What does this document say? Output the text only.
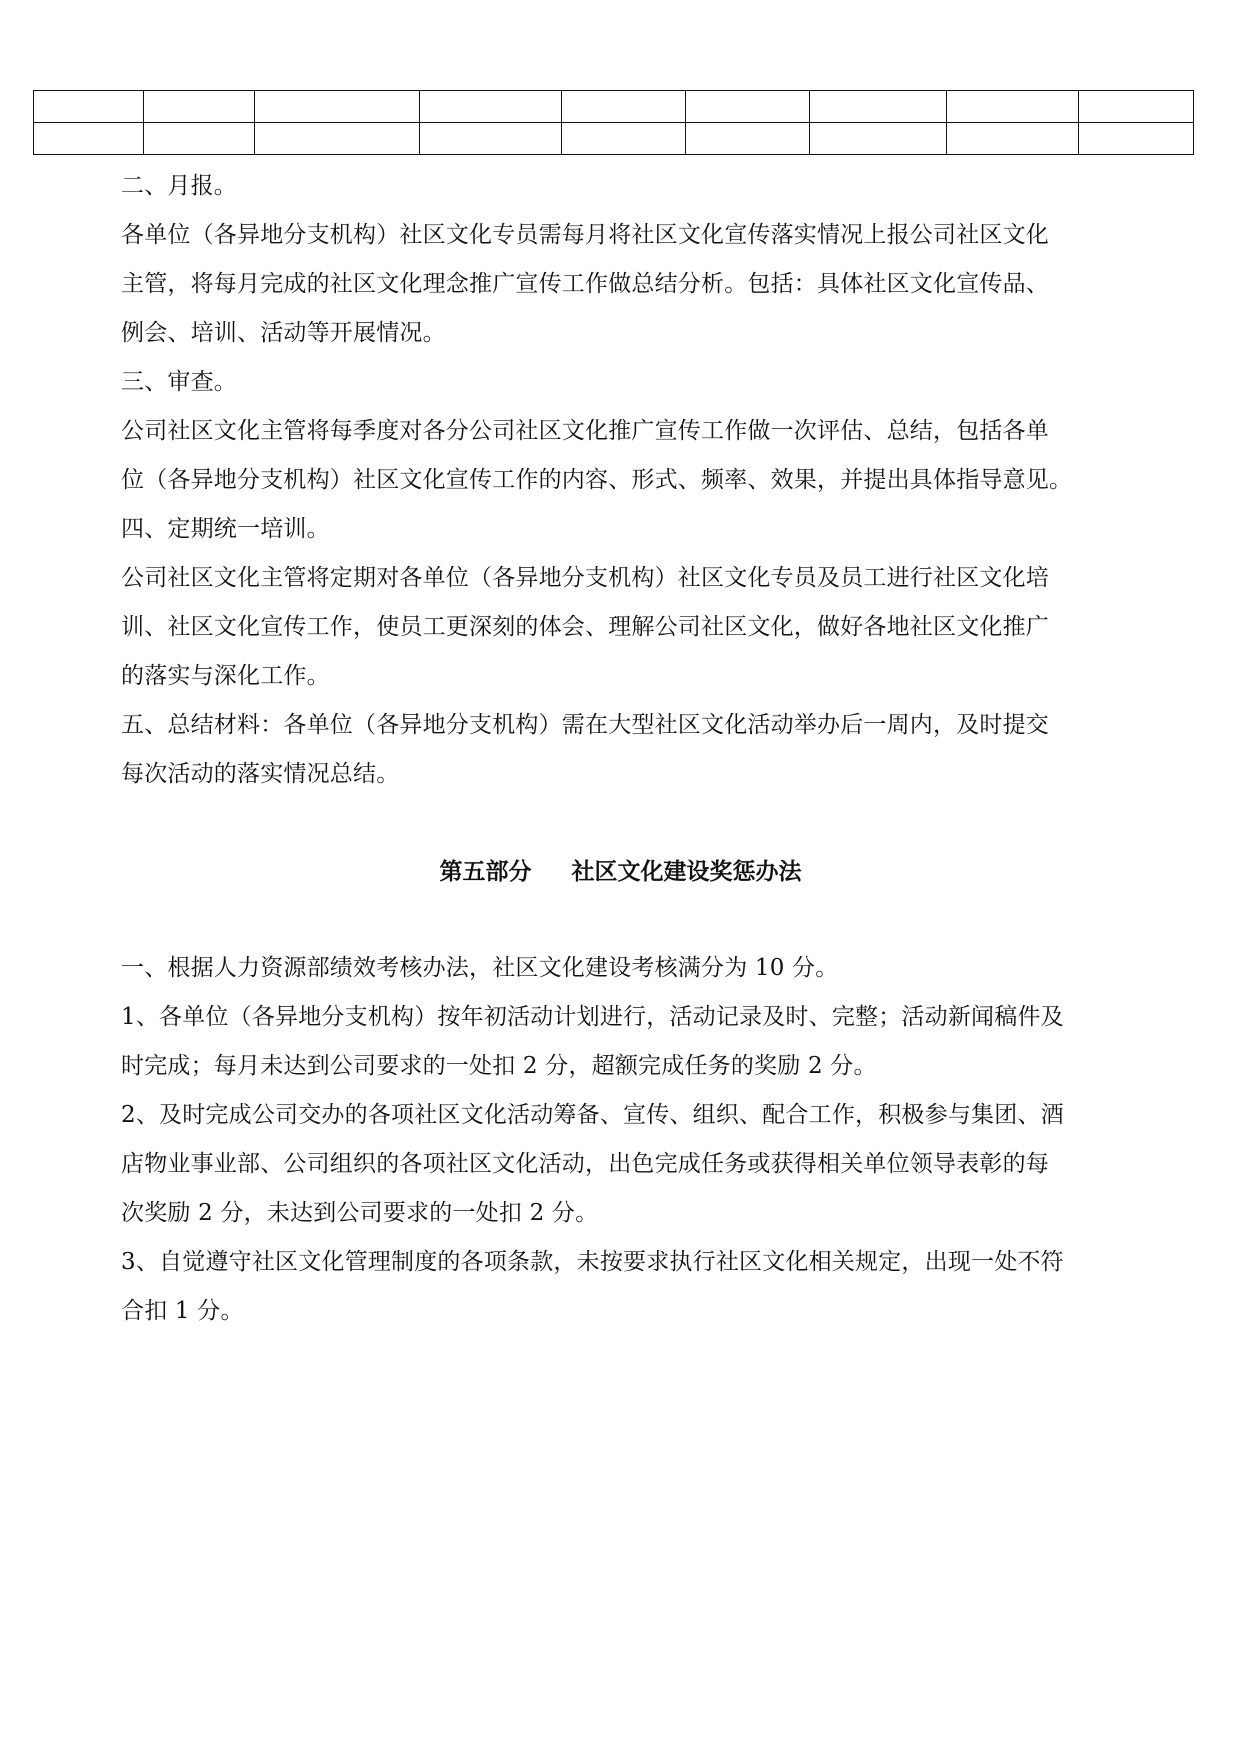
二、月报。

各单位（各异地分支机构）社区文化专员需每月将社区文化宣传落实情况上报公司社区文化

主管，将每月完成的社区文化理念推广宣传工作做总结分析。包括：具体社区文化宣传品、

例会、培训、活动等开展情况。

三、审查。

公司社区文化主管将每季度对各分公司社区文化推广宣传工作做一次评估、总结，包括各单

位（各异地分支机构）社区文化宣传工作的内容、形式、频率、效果，并提出具体指导意见。

四、定期统一培训。

公司社区文化主管将定期对各单位（各异地分支机构）社区文化专员及员工进行社区文化培

训、社区文化宣传工作，使员工更深刻的体会、理解公司社区文化，做好各地社区文化推广

的落实与深化工作。

五、总结材料：各单位（各异地分支机构）需在大型社区文化活动举办后一周内，及时提交

每次活动的落实情况总结。

第五部分 社区文化建设奖惩办法

一、根据人力资源部绩效考核办法，社区文化建设考核满分为 10 分。

1、各单位（各异地分支机构）按年初活动计划进行，活动记录及时、完整；活动新闻稿件及

时完成；每月未达到公司要求的一处扣 2 分，超额完成任务的奖励 2 分。

2、及时完成公司交办的各项社区文化活动筹备、宣传、组织、配合工作，积极参与集团、酒

店物业事业部、公司组织的各项社区文化活动，出色完成任务或获得相关单位领导表彰的每

次奖励 2 分，未达到公司要求的一处扣 2 分。

3、自觉遵守社区文化管理制度的各项条款，未按要求执行社区文化相关规定，出现一处不符

合扣 1 分。
